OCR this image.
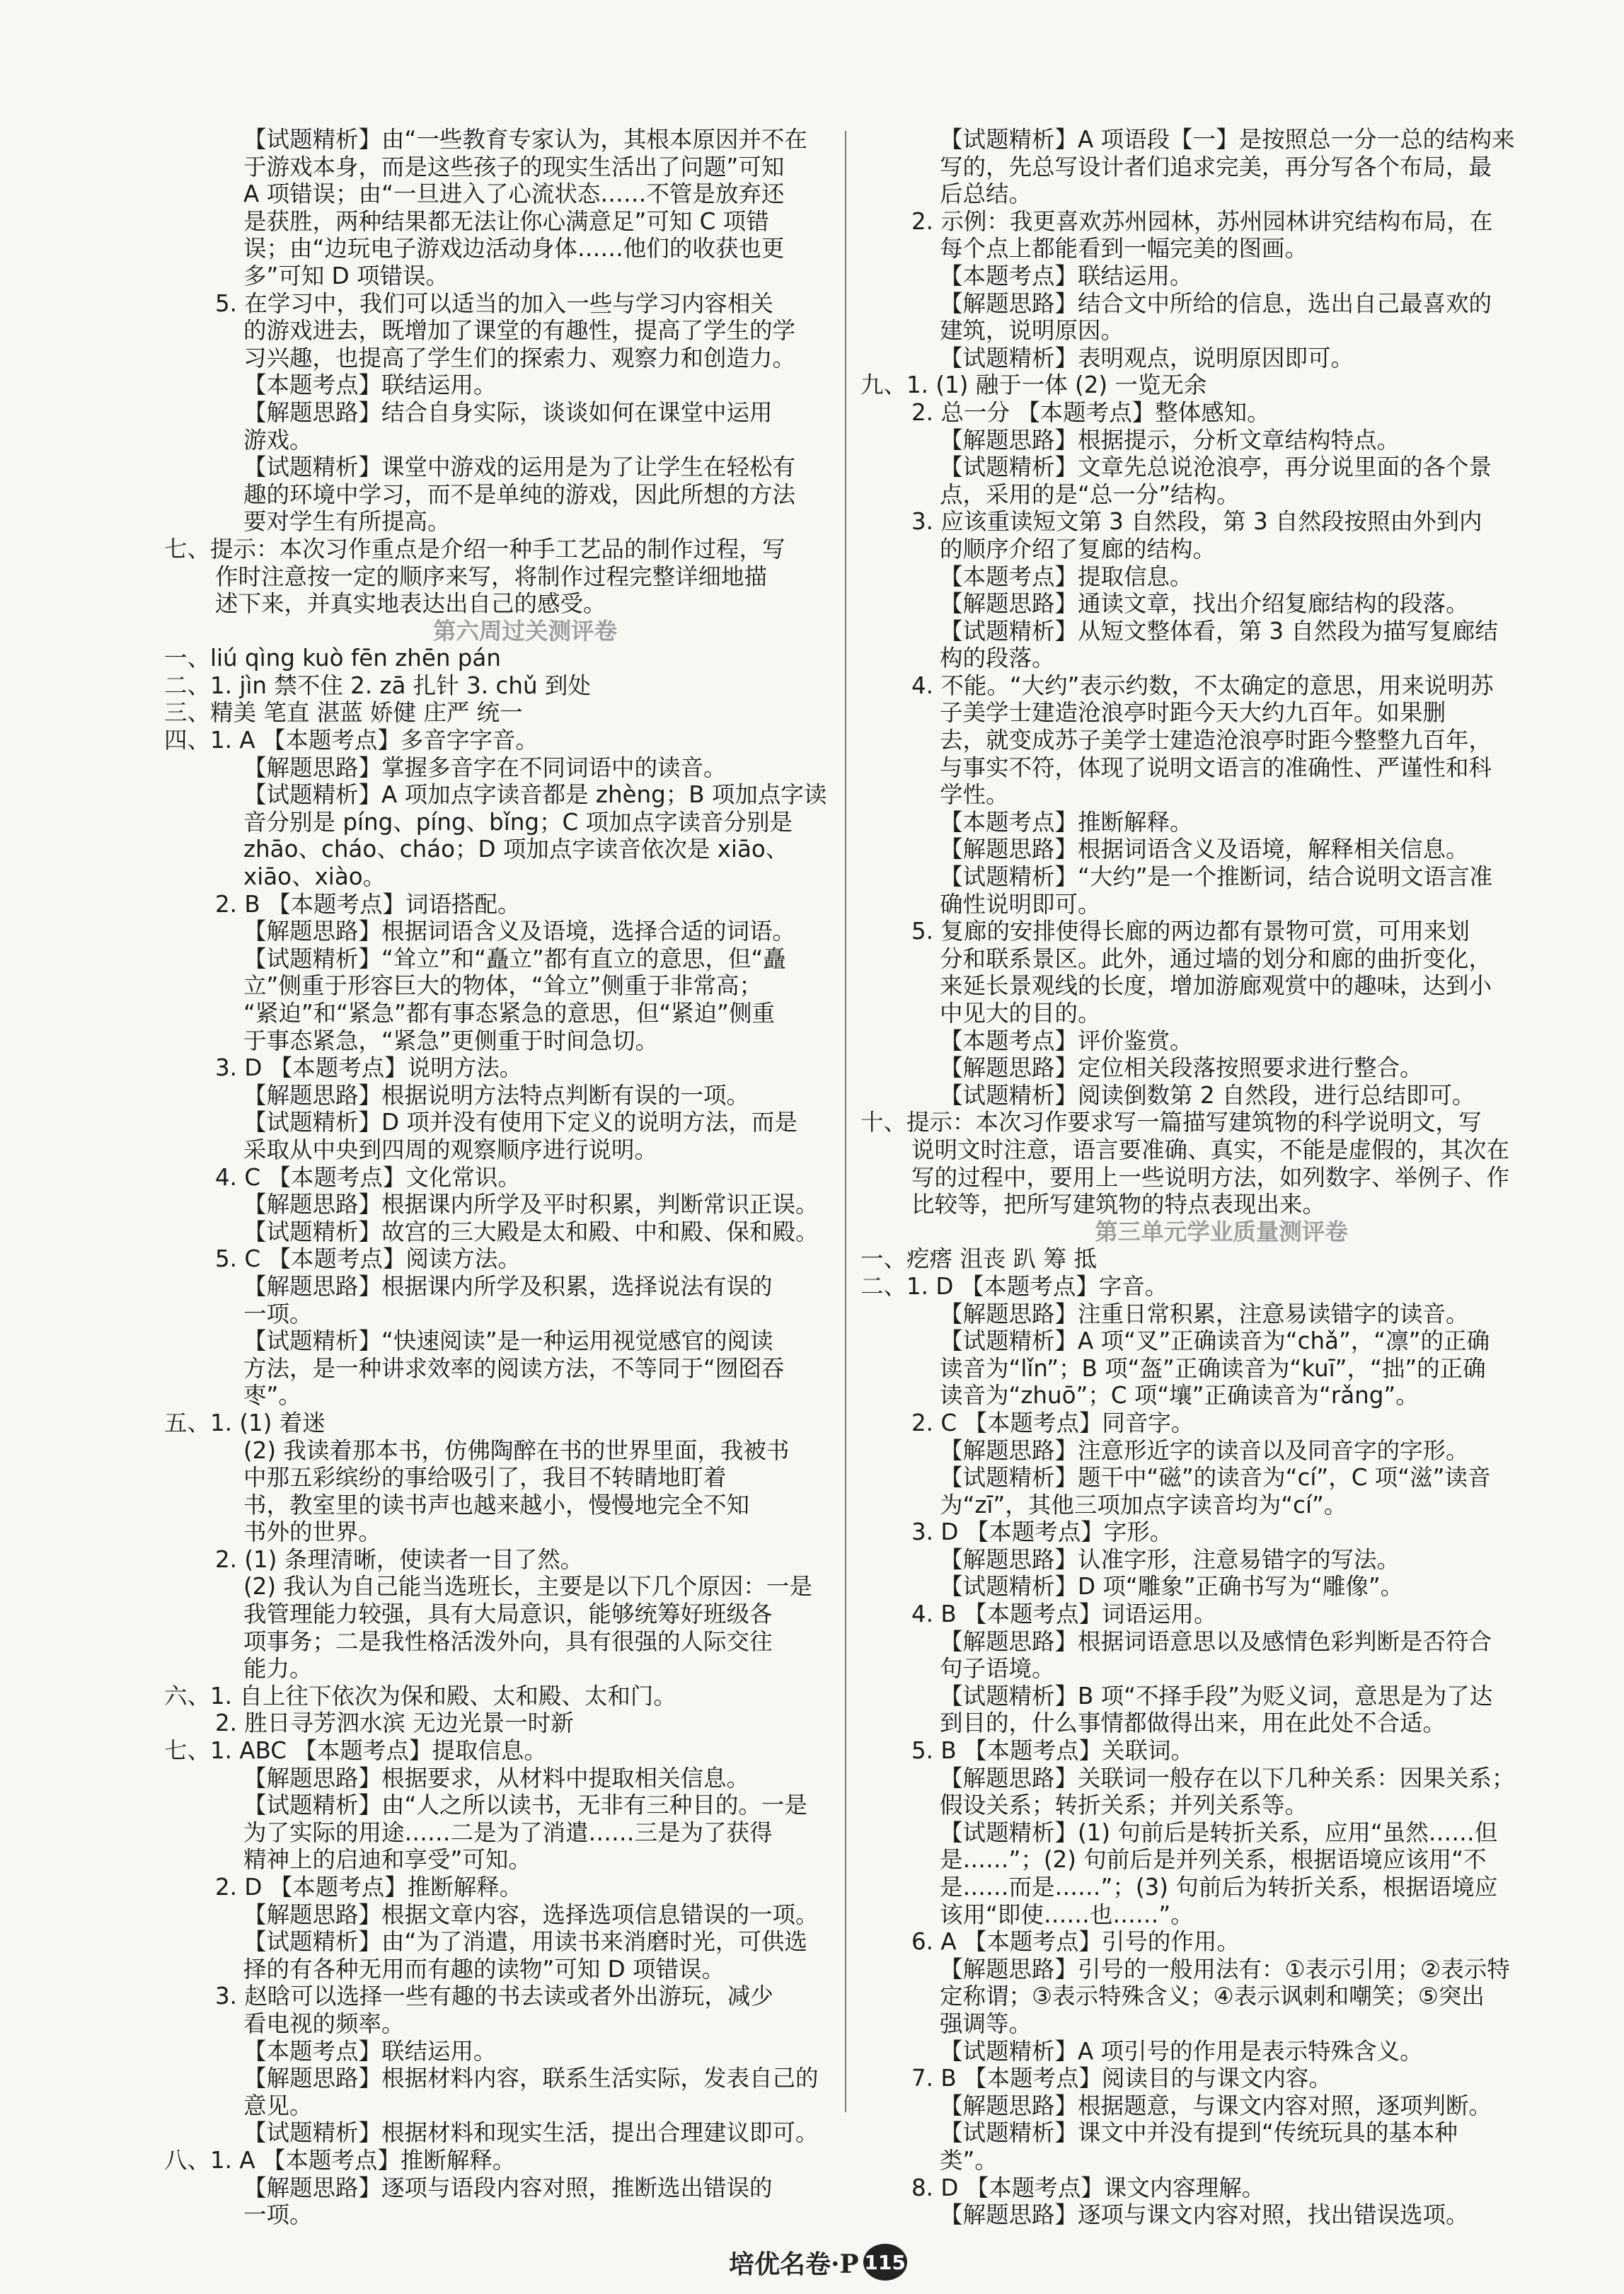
【试题精析】由“一些教育专家认为，其根本原因并不在
于游戏本身，而是这些孩子的现实生活出了问题”可知
A 项错误；由“一旦进入了心流状态……不管是放弃还
是获胜，两种结果都无法让你心满意足”可知 C 项错
误；由“边玩电子游戏边活动身体……他们的收获也更
多”可知 D 项错误。
5. 在学习中，我们可以适当的加入一些与学习内容相关
的游戏进去，既增加了课堂的有趣性，提高了学生的学
习兴趣，也提高了学生们的探索力、观察力和创造力。
【本题考点】联结运用。
【解题思路】结合自身实际，谈谈如何在课堂中运用
游戏。
【试题精析】课堂中游戏的运用是为了让学生在轻松有
趣的环境中学习，而不是单纯的游戏，因此所想的方法
要对学生有所提高。
七、提示：本次习作重点是介绍一种手工艺品的制作过程，写
作时注意按一定的顺序来写，将制作过程完整详细地描
述下来，并真实地表达出自己的感受。
第六周过关测评卷
一、liú qìng kuò fēn zhēn pán
二、1. jìn 禁不住 2. zā 扎针 3. chǔ 到处
三、精美 笔直 湛蓝 娇健 庄严 统一
四、1. A 【本题考点】多音字字音。
【解题思路】掌握多音字在不同词语中的读音。
【试题精析】A 项加点字读音都是 zhèng；B 项加点字读
音分别是 píng、píng、bǐng；C 项加点字读音分别是
zhāo、cháo、cháo；D 项加点字读音依次是 xiāo、
xiāo、xiào。
2. B 【本题考点】词语搭配。
【解题思路】根据词语含义及语境，选择合适的词语。
【试题精析】“耸立”和“矗立”都有直立的意思，但“矗
立”侧重于形容巨大的物体，“耸立”侧重于非常高；
“紧迫”和“紧急”都有事态紧急的意思，但“紧迫”侧重
于事态紧急，“紧急”更侧重于时间急切。
3. D 【本题考点】说明方法。
【解题思路】根据说明方法特点判断有误的一项。
【试题精析】D 项并没有使用下定义的说明方法，而是
采取从中央到四周的观察顺序进行说明。
4. C 【本题考点】文化常识。
【解题思路】根据课内所学及平时积累，判断常识正误。
【试题精析】故宫的三大殿是太和殿、中和殿、保和殿。
5. C 【本题考点】阅读方法。
【解题思路】根据课内所学及积累，选择说法有误的
一项。
【试题精析】“快速阅读”是一种运用视觉感官的阅读
方法，是一种讲求效率的阅读方法，不等同于“囫囵吞
枣”。
五、1. (1) 着迷
(2) 我读着那本书，仿佛陶醉在书的世界里面，我被书
中那五彩缤纷的事给吸引了，我目不转睛地盯着
书，教室里的读书声也越来越小，慢慢地完全不知
书外的世界。
2. (1) 条理清晰，使读者一目了然。
(2) 我认为自己能当选班长，主要是以下几个原因：一是
我管理能力较强，具有大局意识，能够统筹好班级各
项事务；二是我性格活泼外向，具有很强的人际交往
能力。
六、1. 自上往下依次为保和殿、太和殿、太和门。
2. 胜日寻芳泗水滨 无边光景一时新
七、1. ABC 【本题考点】提取信息。
【解题思路】根据要求，从材料中提取相关信息。
【试题精析】由“人之所以读书，无非有三种目的。一是
为了实际的用途……二是为了消遣……三是为了获得
精神上的启迪和享受”可知。
2. D 【本题考点】推断解释。
【解题思路】根据文章内容，选择选项信息错误的一项。
【试题精析】由“为了消遣，用读书来消磨时光，可供选
择的有各种无用而有趣的读物”可知 D 项错误。
3. 赵晗可以选择一些有趣的书去读或者外出游玩，减少
看电视的频率。
【本题考点】联结运用。
【解题思路】根据材料内容，联系生活实际，发表自己的
意见。
【试题精析】根据材料和现实生活，提出合理建议即可。
八、1. A 【本题考点】推断解释。
【解题思路】逐项与语段内容对照，推断选出错误的
一项。
【试题精析】A 项语段【一】是按照总一分一总的结构来
写的，先总写设计者们追求完美，再分写各个布局，最
后总结。
2. 示例：我更喜欢苏州园林，苏州园林讲究结构布局，在
每个点上都能看到一幅完美的图画。
【本题考点】联结运用。
【解题思路】结合文中所给的信息，选出自己最喜欢的
建筑，说明原因。
【试题精析】表明观点，说明原因即可。
九、1. (1) 融于一体 (2) 一览无余
2. 总一分 【本题考点】整体感知。
【解题思路】根据提示，分析文章结构特点。
【试题精析】文章先总说沧浪亭，再分说里面的各个景
点，采用的是“总一分”结构。
3. 应该重读短文第 3 自然段，第 3 自然段按照由外到内
的顺序介绍了复廊的结构。
【本题考点】提取信息。
【解题思路】通读文章，找出介绍复廊结构的段落。
【试题精析】从短文整体看，第 3 自然段为描写复廊结
构的段落。
4. 不能。“大约”表示约数，不太确定的意思，用来说明苏
子美学士建造沧浪亭时距今天大约九百年。如果删
去，就变成苏子美学士建造沧浪亭时距今整整九百年，
与事实不符，体现了说明文语言的准确性、严谨性和科
学性。
【本题考点】推断解释。
【解题思路】根据词语含义及语境，解释相关信息。
【试题精析】“大约”是一个推断词，结合说明文语言准
确性说明即可。
5. 复廊的安排使得长廊的两边都有景物可赏，可用来划
分和联系景区。此外，通过墙的划分和廊的曲折变化，
来延长景观线的长度，增加游廊观赏中的趣味，达到小
中见大的目的。
【本题考点】评价鉴赏。
【解题思路】定位相关段落按照要求进行整合。
【试题精析】阅读倒数第 2 自然段，进行总结即可。
十、提示：本次习作要求写一篇描写建筑物的科学说明文，写
说明文时注意，语言要准确、真实，不能是虚假的，其次在
写的过程中，要用上一些说明方法，如列数字、举例子、作
比较等，把所写建筑物的特点表现出来。
第三单元学业质量测评卷
一、疙瘩 沮丧 趴 筹 抵
二、1. D 【本题考点】字音。
【解题思路】注重日常积累，注意易读错字的读音。
【试题精析】A 项“叉”正确读音为“chǎ”，“凛”的正确
读音为“lǐn”；B 项“盔”正确读音为“kuī”，“拙”的正确
读音为“zhuō”；C 项“壤”正确读音为“rǎng”。
2. C 【本题考点】同音字。
【解题思路】注意形近字的读音以及同音字的字形。
【试题精析】题干中“磁”的读音为“cí”，C 项“滋”读音
为“zī”，其他三项加点字读音均为“cí”。
3. D 【本题考点】字形。
【解题思路】认准字形，注意易错字的写法。
【试题精析】D 项“雕象”正确书写为“雕像”。
4. B 【本题考点】词语运用。
【解题思路】根据词语意思以及感情色彩判断是否符合
句子语境。
【试题精析】B 项“不择手段”为贬义词，意思是为了达
到目的，什么事情都做得出来，用在此处不合适。
5. B 【本题考点】关联词。
【解题思路】关联词一般存在以下几种关系：因果关系；
假设关系；转折关系；并列关系等。
【试题精析】(1) 句前后是转折关系，应用“虽然……但
是……”；(2) 句前后是并列关系，根据语境应该用“不
是……而是……”；(3) 句前后为转折关系，根据语境应
该用“即使……也……”。
6. A 【本题考点】引号的作用。
【解题思路】引号的一般用法有：①表示引用；②表示特
定称谓；③表示特殊含义；④表示讽刺和嘲笑；⑤突出
强调等。
【试题精析】A 项引号的作用是表示特殊含义。
7. B 【本题考点】阅读目的与课文内容。
【解题思路】根据题意，与课文内容对照，逐项判断。
【试题精析】课文中并没有提到“传统玩具的基本种
类”。
8. D 【本题考点】课文内容理解。
【解题思路】逐项与课文内容对照，找出错误选项。
培优名卷·P 115
